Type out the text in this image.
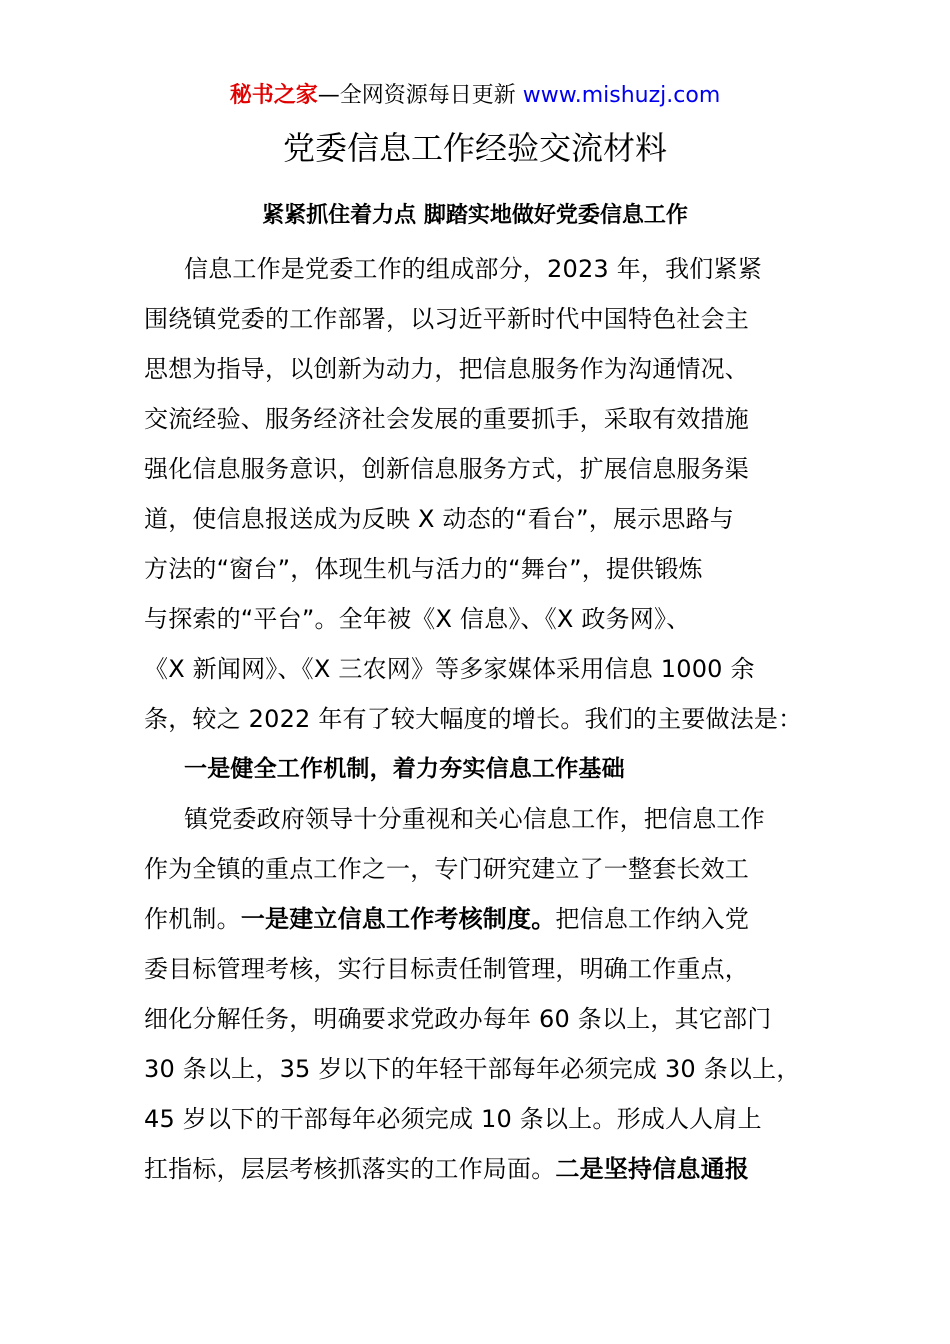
秘书之家—全网资源每日更新 www.mishuzj.com
党委信息工作经验交流材料
紧紧抓住着力点 脚踏实地做好党委信息工作
信息工作是党委工作的组成部分，2023 年，我们紧紧
围绕镇党委的工作部署，以习近平新时代中国特色社会主
思想为指导，以创新为动力，把信息服务作为沟通情况、
交流经验、服务经济社会发展的重要抓手，采取有效措施
强化信息服务意识，创新信息服务方式，扩展信息服务渠
道，使信息报送成为反映 X 动态的“看台”，展示思路与
方法的“窗台”，体现生机与活力的“舞台”，提供锻炼
与探索的“平台”。全年被《X 信息》、《X 政务网》、
《X 新闻网》、《X 三农网》等多家媒体采用信息 1000 余
条，较之 2022 年有了较大幅度的增长。我们的主要做法是：
一是健全工作机制，着力夯实信息工作基础
镇党委政府领导十分重视和关心信息工作，把信息工作
作为全镇的重点工作之一，专门研究建立了一整套长效工
作机制。一是建立信息工作考核制度。把信息工作纳入党
委目标管理考核，实行目标责任制管理，明确工作重点，
细化分解任务，明确要求党政办每年 60 条以上，其它部门
30 条以上，35 岁以下的年轻干部每年必须完成 30 条以上，
45 岁以下的干部每年必须完成 10 条以上。形成人人肩上
扛指标，层层考核抓落实的工作局面。二是坚持信息通报
